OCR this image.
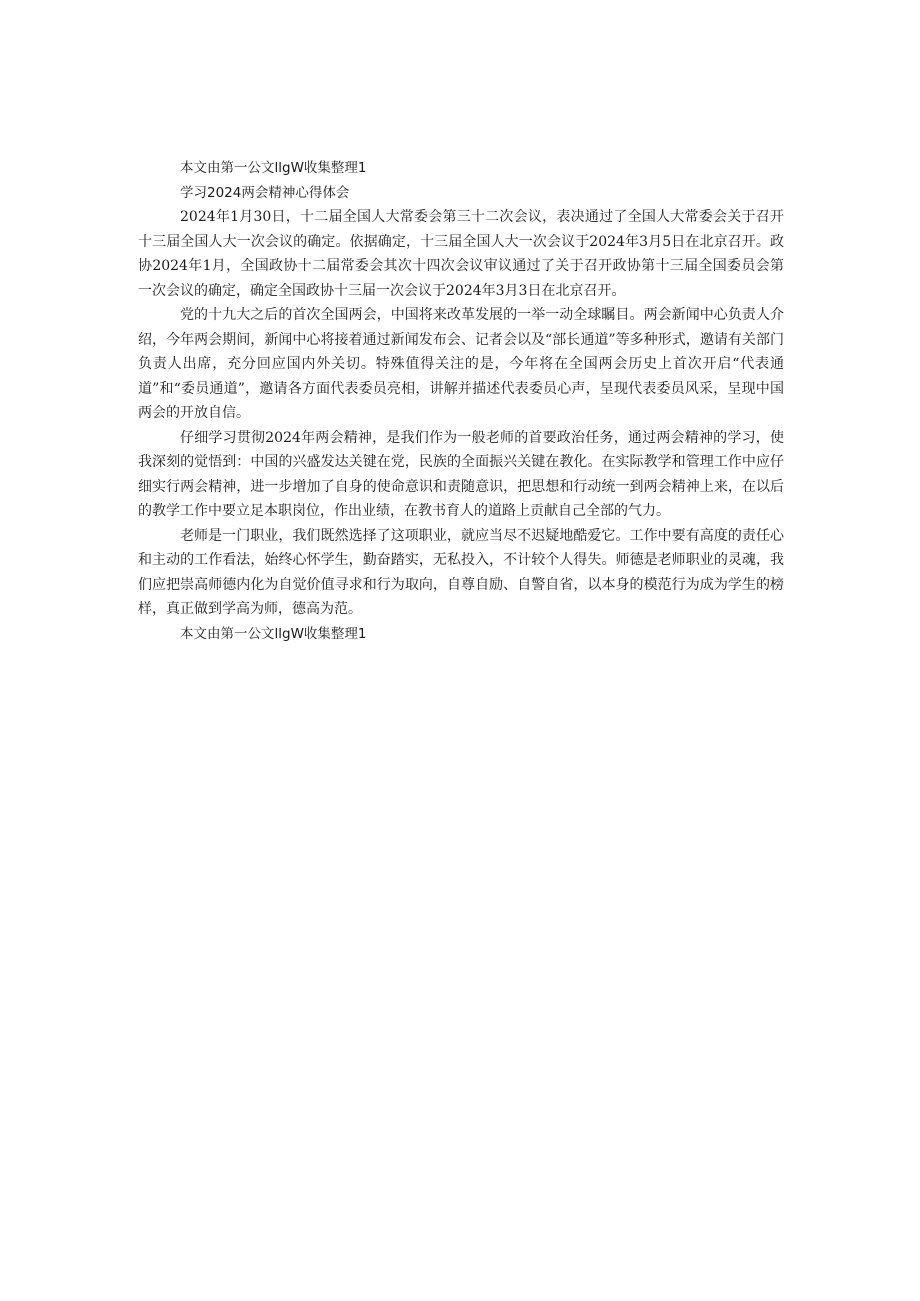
本文由第一公文llgW收集整理1

学习2024两会精神心得体会

2024年1月30日，十二届全国人大常委会第三十二次会议，表决通过了全国人大常委会关于召开十三届全国人大一次会议的确定。依据确定，十三届全国人大一次会议于2024年3月5日在北京召开。政协2024年1月，全国政协十二届常委会其次十四次会议审议通过了关于召开政协第十三届全国委员会第一次会议的确定，确定全国政协十三届一次会议于2024年3月3日在北京召开。

党的十九大之后的首次全国两会，中国将来改革发展的一举一动全球瞩目。两会新闻中心负责人介绍，今年两会期间，新闻中心将接着通过新闻发布会、记者会以及“部长通道”等多种形式，邀请有关部门负责人出席，充分回应国内外关切。特殊值得关注的是，今年将在全国两会历史上首次开启“代表通道”和“委员通道”，邀请各方面代表委员亮相，讲解并描述代表委员心声，呈现代表委员风采，呈现中国两会的开放自信。

仔细学习贯彻2024年两会精神，是我们作为一般老师的首要政治任务，通过两会精神的学习，使我深刻的觉悟到：中国的兴盛发达关键在党，民族的全面振兴关键在教化。在实际教学和管理工作中应仔细实行两会精神，进一步增加了自身的使命意识和责随意识，把思想和行动统一到两会精神上来，在以后的教学工作中要立足本职岗位，作出业绩，在教书育人的道路上贡献自己全部的气力。

老师是一门职业，我们既然选择了这项职业，就应当尽不迟疑地酷爱它。工作中要有高度的责任心和主动的工作看法，始终心怀学生，勤奋踏实，无私投入，不计较个人得失。师德是老师职业的灵魂，我们应把崇高师德内化为自觉价值寻求和行为取向，自尊自励、自警自省，以本身的模范行为成为学生的榜样，真正做到学高为师，德高为范。

本文由第一公文llgW收集整理1
